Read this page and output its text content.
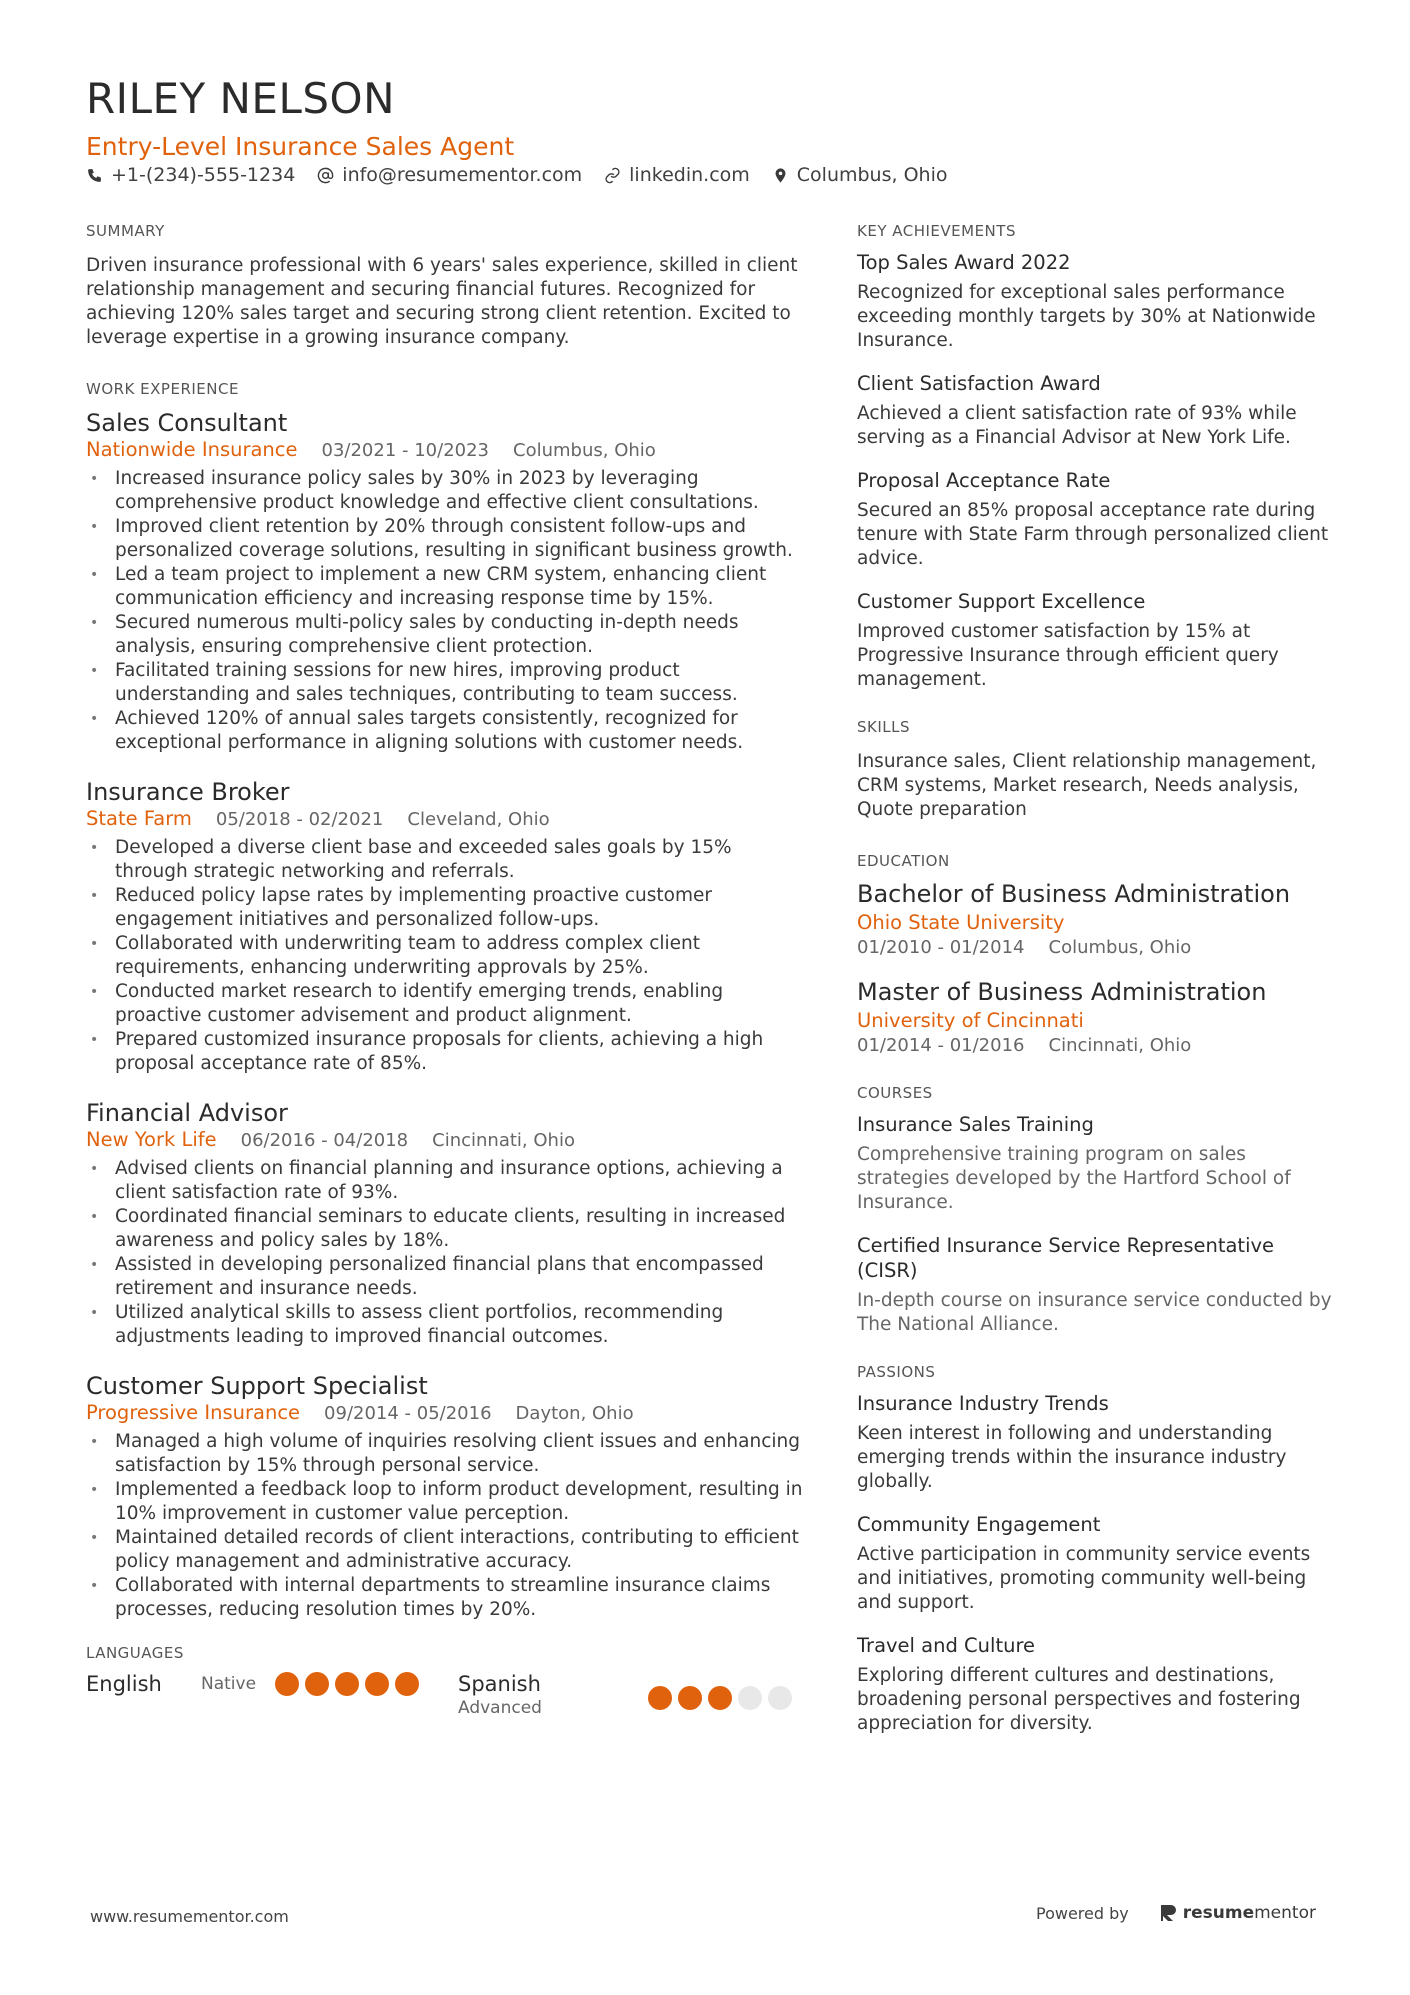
RILEY NELSON
Entry-Level Insurance Sales Agent
+1-(234)-555-1234 info@resumementor.com linkedin.com Columbus, Ohio
SUMMARY

Driven insurance professional with 6 years' sales experience, skilled in client relationship management and securing financial futures. Recognized for achieving 120% sales target and securing strong client retention. Excited to leverage expertise in a growing insurance company.

WORK EXPERIENCE
Sales Consultant
Nationwide Insurance 03/2021 - 10/2023 Columbus, Ohio
• Increased insurance policy sales by 30% in 2023 by leveraging comprehensive product knowledge and effective client consultations.
• Improved client retention by 20% through consistent follow-ups and personalized coverage solutions, resulting in significant business growth.
• Led a team project to implement a new CRM system, enhancing client communication efficiency and increasing response time by 15%.
• Secured numerous multi-policy sales by conducting in-depth needs analysis, ensuring comprehensive client protection.
• Facilitated training sessions for new hires, improving product understanding and sales techniques, contributing to team success.
• Achieved 120% of annual sales targets consistently, recognized for exceptional performance in aligning solutions with customer needs.
Insurance Broker
State Farm 05/2018 - 02/2021 Cleveland, Ohio
• Developed a diverse client base and exceeded sales goals by 15% through strategic networking and referrals.
• Reduced policy lapse rates by implementing proactive customer engagement initiatives and personalized follow-ups.
• Collaborated with underwriting team to address complex client requirements, enhancing underwriting approvals by 25%.
• Conducted market research to identify emerging trends, enabling proactive customer advisement and product alignment.
• Prepared customized insurance proposals for clients, achieving a high proposal acceptance rate of 85%.
Financial Advisor
New York Life 06/2016 - 04/2018 Cincinnati, Ohio
• Advised clients on financial planning and insurance options, achieving a client satisfaction rate of 93%.
• Coordinated financial seminars to educate clients, resulting in increased awareness and policy sales by 18%.
• Assisted in developing personalized financial plans that encompassed retirement and insurance needs.
• Utilized analytical skills to assess client portfolios, recommending adjustments leading to improved financial outcomes.
Customer Support Specialist
Progressive Insurance 09/2014 - 05/2016 Dayton, Ohio
• Managed a high volume of inquiries resolving client issues and enhancing satisfaction by 15% through personal service.
• Implemented a feedback loop to inform product development, resulting in 10% improvement in customer value perception.
• Maintained detailed records of client interactions, contributing to efficient policy management and administrative accuracy.
• Collaborated with internal departments to streamline insurance claims processes, reducing resolution times by 20%.
LANGUAGES
English	Native	Spanish
Advanced
KEY ACHIEVEMENTS
Top Sales Award 2022
Recognized for exceptional sales performance exceeding monthly targets by 30% at Nationwide Insurance.
Client Satisfaction Award
Achieved a client satisfaction rate of 93% while serving as a Financial Advisor at New York Life.
Proposal Acceptance Rate
Secured an 85% proposal acceptance rate during tenure with State Farm through personalized client advice.
Customer Support Excellence
Improved customer satisfaction by 15% at Progressive Insurance through efficient query management.
SKILLS
Insurance sales, Client relationship management, CRM systems, Market research, Needs analysis, Quote preparation
EDUCATION
Bachelor of Business Administration
Ohio State University
01/2010 - 01/2014 Columbus, Ohio
Master of Business Administration
University of Cincinnati
01/2014 - 01/2016 Cincinnati, Ohio
COURSES
Insurance Sales Training
Comprehensive training program on sales strategies developed by the Hartford School of Insurance.
Certified Insurance Service Representative (CISR)
In-depth course on insurance service conducted by The National Alliance.
PASSIONS
Insurance Industry Trends
Keen interest in following and understanding emerging trends within the insurance industry globally.
Community Engagement
Active participation in community service events and initiatives, promoting community well-being and support.
Travel and Culture
Exploring different cultures and destinations, broadening personal perspectives and fostering appreciation for diversity.
www.resumementor.com	Powered by	resume mentor
